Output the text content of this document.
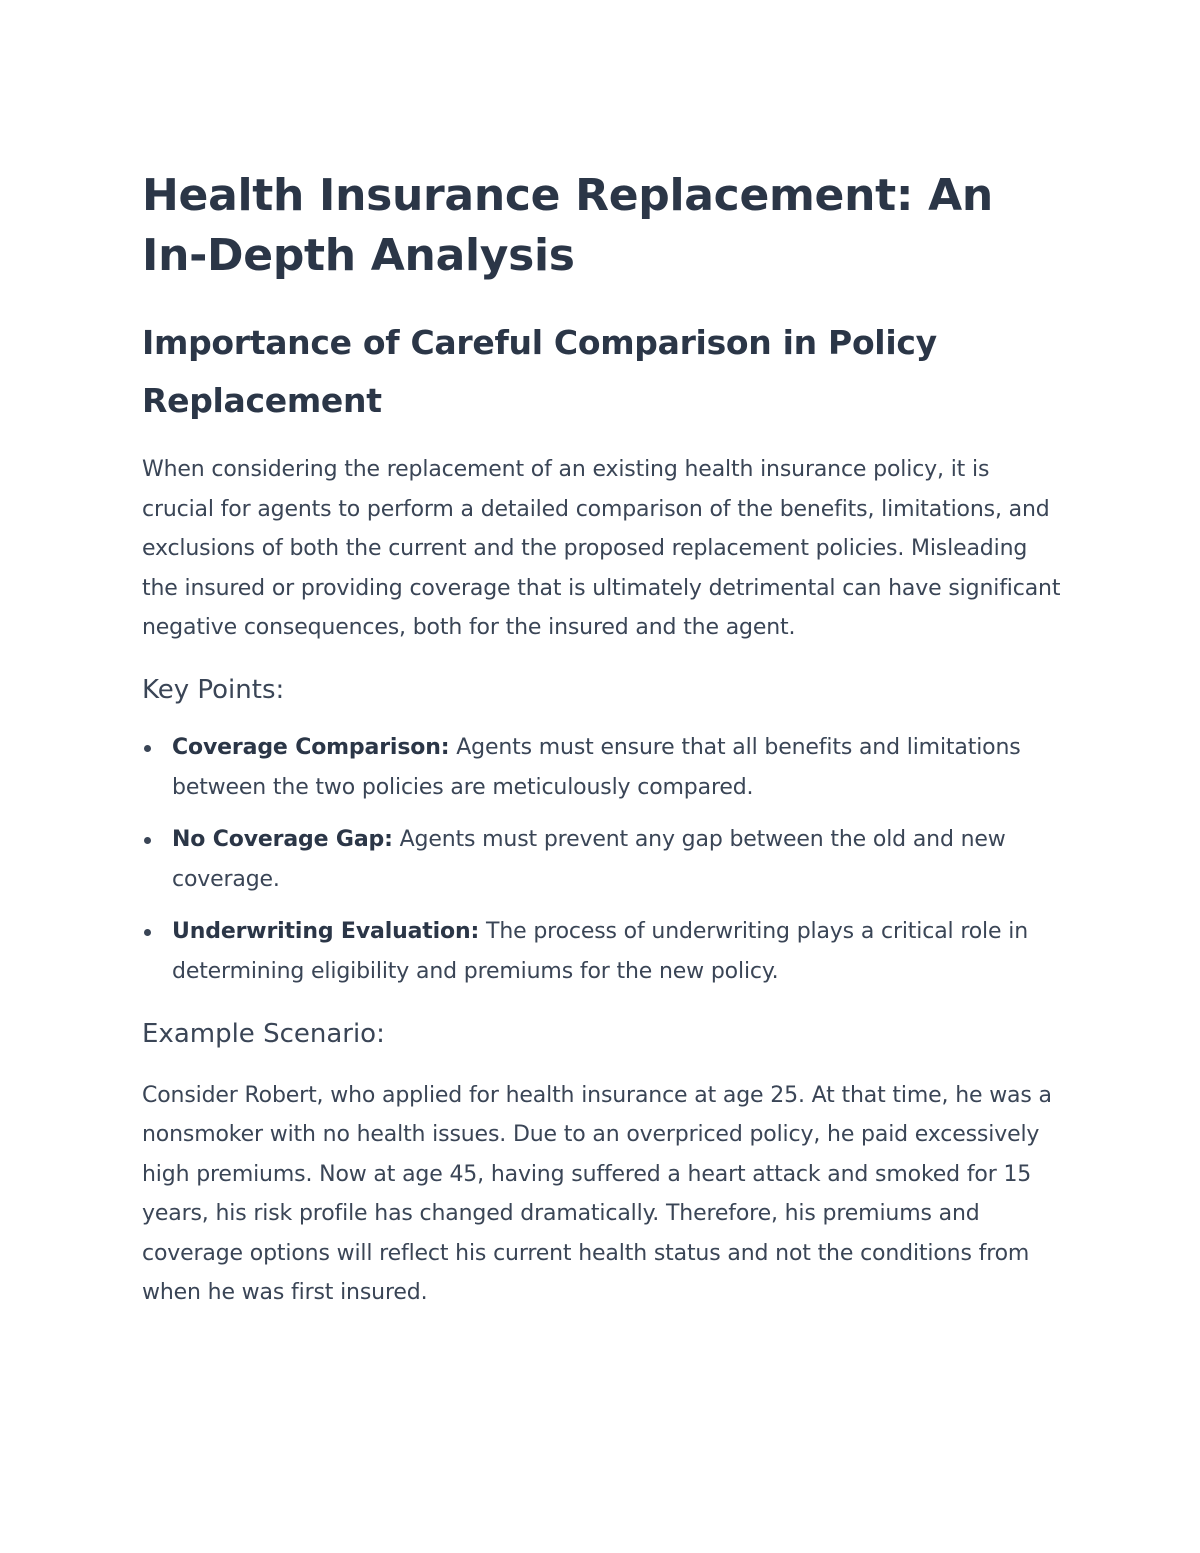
Health Insurance Replacement: An In-Depth Analysis
Importance of Careful Comparison in Policy Replacement

When considering the replacement of an existing health insurance policy, it is crucial for agents to perform a detailed comparison of the benefits, limitations, and exclusions of both the current and the proposed replacement policies. Misleading the insured or providing coverage that is ultimately detrimental can have significant negative consequences, both for the insured and the agent.

Key Points:
Coverage Comparison: Agents must ensure that all benefits and limitations between the two policies are meticulously compared.
No Coverage Gap: Agents must prevent any gap between the old and new coverage.
Underwriting Evaluation: The process of underwriting plays a critical role in determining eligibility and premiums for the new policy.
Example Scenario:

Consider Robert, who applied for health insurance at age 25. At that time, he was a nonsmoker with no health issues. Due to an overpriced policy, he paid excessively high premiums. Now at age 45, having suffered a heart attack and smoked for 15 years, his risk profile has changed dramatically. Therefore, his premiums and coverage options will reflect his current health status and not the conditions from when he was first insured.
